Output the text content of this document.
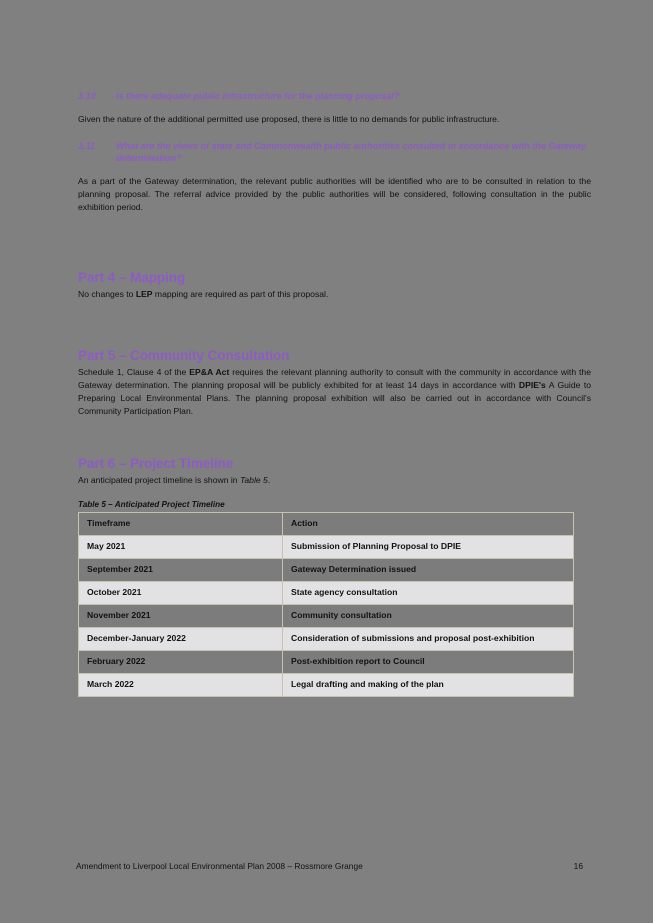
3.10	Is there adequate public infrastructure for the planning proposal?

Given the nature of the additional permitted use proposed, there is little to no demands for public infrastructure.

3.11	What are the views of state and Commonwealth public authorities consulted in accordance with the Gateway determination?

As a part of the Gateway determination, the relevant public authorities will be identified who are to be consulted in relation to the planning proposal. The referral advice provided by the public authorities will be considered, following consultation in the public exhibition period.

Part 4 – Mapping

No changes to LEP mapping are required as part of this proposal.

Part 5 – Community Consultation

Schedule 1, Clause 4 of the EP&A Act requires the relevant planning authority to consult with the community in accordance with the Gateway determination. The planning proposal will be publicly exhibited for at least 14 days in accordance with DPIE's A Guide to Preparing Local Environmental Plans. The planning proposal exhibition will also be carried out in accordance with Council's Community Participation Plan.

Part 6 – Project Timeline

An anticipated project timeline is shown in Table 5.

Table 5 – Anticipated Project Timeline
Timeframe	Action
May 2021	Submission of Planning Proposal to DPIE
September 2021	Gateway Determination issued
October 2021	State agency consultation
November 2021	Community consultation
December-January 2022	Consideration of submissions and proposal post-exhibition
February 2022	Post-exhibition report to Council
March 2022	Legal drafting and making of the plan
Amendment to Liverpool Local Environmental Plan 2008 – Rossmore Grange	16
